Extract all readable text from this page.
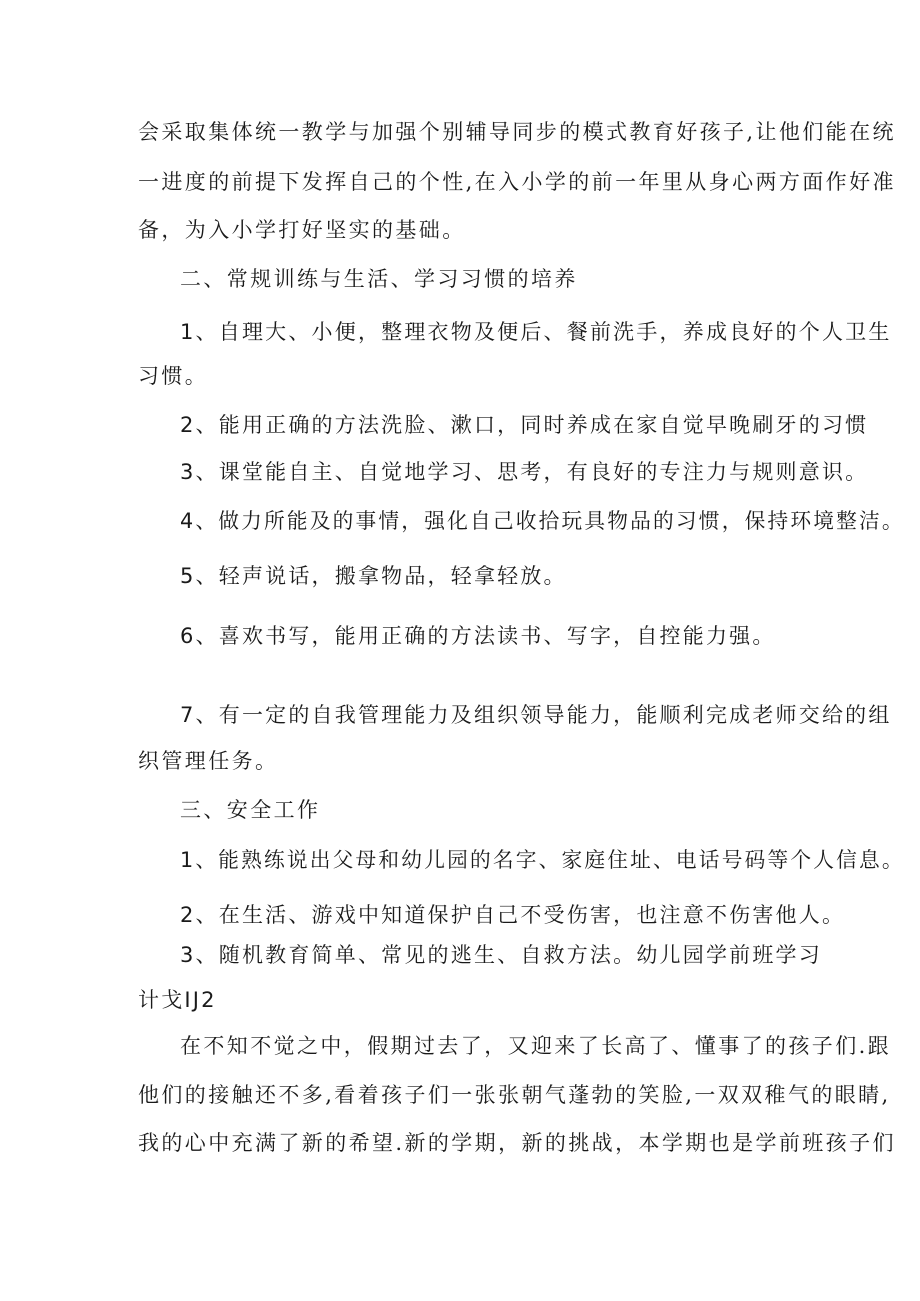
会采取集体统一教学与加强个别辅导同步的模式教育好孩子,让他们能在统
一进度的前提下发挥自己的个性,在入小学的前一年里从身心两方面作好准
备，为入小学打好坚实的基础。
二、常规训练与生活、学习习惯的培养
1、自理大、小便，整理衣物及便后、餐前洗手，养成良好的个人卫生
习惯。
2、能用正确的方法洗脸、漱口，同时养成在家自觉早晚刷牙的习惯
3、课堂能自主、自觉地学习、思考，有良好的专注力与规则意识。
4、做力所能及的事情，强化自己收拾玩具物品的习惯，保持环境整洁。
5、轻声说话，搬拿物品，轻拿轻放。
6、喜欢书写，能用正确的方法读书、写字，自控能力强。
7、有一定的自我管理能力及组织领导能力，能顺利完成老师交给的组
织管理任务。
三、安全工作
1、能熟练说出父母和幼儿园的名字、家庭住址、电话号码等个人信息。
2、在生活、游戏中知道保护自己不受伤害，也注意不伤害他人。
3、随机教育简单、常见的逃生、自救方法。幼儿园学前班学习
计戈IJ2
在不知不觉之中，假期过去了，又迎来了长高了、懂事了的孩子们.跟
他们的接触还不多,看着孩子们一张张朝气蓬勃的笑脸,一双双稚气的眼睛,
我的心中充满了新的希望.新的学期，新的挑战，本学期也是学前班孩子们
